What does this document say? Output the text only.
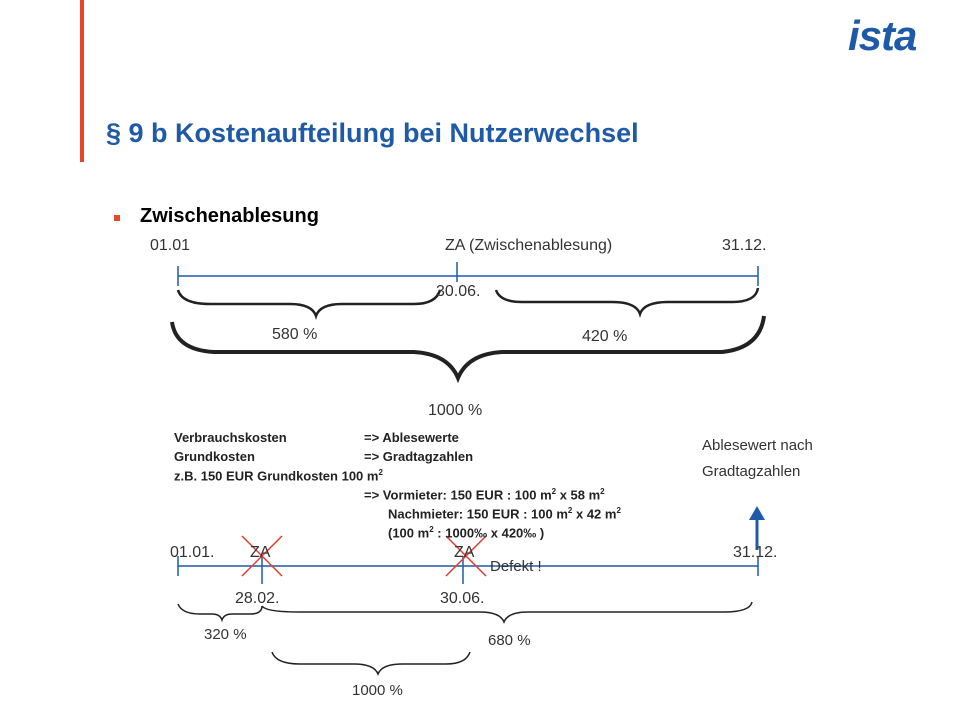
ista
§ 9 b Kostenaufteilung bei Nutzerwechsel
Zwischenablesung
01.01	ZA (Zwischenablesung)	31.12.
30.06.
580 %	420 %
1000 %
Verbrauchskosten	=> Ablesewerte
Grundkosten	=> Gradtagzahlen
z.B. 150 EUR Grundkosten 100 $m^2$
=> Vormieter: 150 EUR : 100 $m^2$ x 58 $m^2$
Nachmieter: 150 EUR : 100 $m^2$ x 42 $m^2$
(100 $m^2$ : 1000‰ x 420‰ )
Ablesewert nach
Gradtagzahlen
01.01. ZA	ZA	31.12.
Defekt !
28.02.	30.06.
320 %	680 %
1000 %
